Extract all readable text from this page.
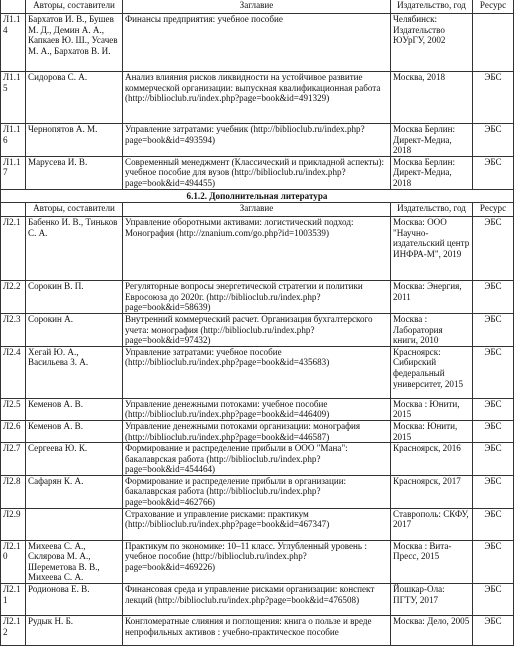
	Авторы, составители	Заглавие	Издательство, год	Ресурс
Л1.14	Бархатов И. В., Бушев М. Д., Демин А. А., Капкаев Ю. Ш., Усачев М. А., Бархатов В. И.	Финансы предприятия: учебное пособие	Челябинск: Издательство ЮУрГУ, 2002	
Л1.15	Сидорова С. А.	Анализ влияния рисков ликвидности на устойчивое развитие коммерческой организации: выпускная квалификационная работа (http://biblioclub.ru/index.php?page=book&id=491329)	Москва, 2018	ЭБС
Л1.16	Чернопятов А. М.	Управление затратами: учебник (http://biblioclub.ru/index.php?page=book&id=493594)	Москва Берлин: Директ-Медиа, 2018	ЭБС
Л1.17	Марусева И. В.	Современный менеджмент (Классический и прикладной аспекты): учебное пособие для вузов (http://biblioclub.ru/index.php?page=book&id=494455)	Москва Берлин: Директ-Медиа, 2018	ЭБС
6.1.2. Дополнительная литература				
	Авторы, составители	Заглавие	Издательство, год	Ресурс
Л2.1	Бабенко И. В., Тиньков С. А.	Управление оборотными активами: логистический подход: Монография (http://znanium.com/go.php?id=1003539)	Москва: ООО "Научно-издательский центр ИНФРА-М", 2019	ЭБС
Л2.2	Сорокин В. П.	Регуляторные вопросы энергетической стратегии и политики Евросоюза до 2020г. (http://biblioclub.ru/index.php?page=book&id=58639)	Москва: Энергия, 2011	ЭБС
Л2.3	Сорокин А.	Внутренний коммерческий расчет. Организация бухгалтерского учета: монография (http://biblioclub.ru/index.php?page=book&id=97432)	Москва : Лаборатория книги, 2010	ЭБС
Л2.4	Хегай Ю. А., Васильева З. А.	Управление затратами: учебное пособие (http://biblioclub.ru/index.php?page=book&id=435683)	Красноярск: Сибирский федеральный университет, 2015	ЭБС
Л2.5	Кеменов А. В.	Управление денежными потоками: учебное пособие (http://biblioclub.ru/index.php?page=book&id=446409)	Москва : Юнити, 2015	ЭБС
Л2.6	Кеменов А. В.	Управление денежными потоками организации: монография (http://biblioclub.ru/index.php?page=book&id=446587)	Москва: Юнити, 2015	ЭБС
Л2.7	Сергеева Ю. К.	Формирование и распределение прибыли в ООО "Мана": бакалаврская работа (http://biblioclub.ru/index.php?page=book&id=454464)	Красноярск, 2016	ЭБС
Л2.8	Сафарян К. А.	Формирование и распределение прибыли в организации: бакалаврская работа (http://biblioclub.ru/index.php?page=book&id=462766)	Красноярск, 2017	ЭБС
Л2.9		Страхование и управление рисками: практикум (http://biblioclub.ru/index.php?page=book&id=467347)	Ставрополь: СКФУ, 2017	ЭБС
Л2.10	Михеева С. А., Склярова М. А., Шереметова В. В., Михеева С. А.	Практикум по экономике: 10–11 класс. Углубленный уровень : учебное пособие (http://biblioclub.ru/index.php?page=book&id=469226)	Москва : Вита-Пресс, 2015	ЭБС
Л2.11	Родионова Е. В.	Финансовая среда и управление рисками организации: конспект лекций (http://biblioclub.ru/index.php?page=book&id=476508)	Йошкар-Ола: ПГТУ, 2017	ЭБС
Л2.12	Рудык Н. Б.	Конгломератные слияния и поглощения: книга о пользе и вреде непрофильных активов : учебно-практическое пособие	Москва: Дело, 2005	ЭБС
